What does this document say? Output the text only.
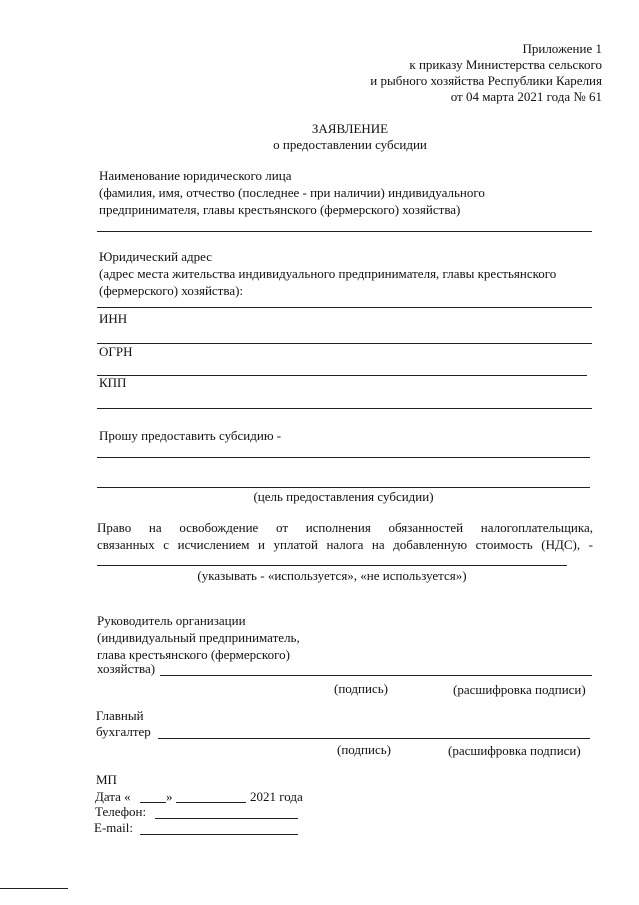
Приложение 1
к приказу Министерства сельского
и рыбного хозяйства Республики Карелия
от 04 марта 2021 года № 61
ЗАЯВЛЕНИЕ
о предоставлении субсидии
Наименование юридического лица
(фамилия, имя, отчество (последнее - при наличии) индивидуального
предпринимателя, главы крестьянского (фермерского) хозяйства)
Юридический адрес
(адрес места жительства индивидуального предпринимателя, главы крестьянского
(фермерского) хозяйства):
ИНН
ОГРН
КПП
Прошу предоставить субсидию -
(цель предоставления субсидии)
Право на освобождение от исполнения обязанностей налогоплательщика,
связанных с исчислением и уплатой налога на добавленную стоимость (НДС), -
(указывать - «используется», «не используется»)
Руководитель организации
(индивидуальный предприниматель,
глава крестьянского (фермерского)
хозяйства)
(подпись)	(расшифровка подписи)
Главный
бухгалтер
(подпись)	(расшифровка подписи)
МП
Дата «	»	2021 года
Телефон:
E-mail:
